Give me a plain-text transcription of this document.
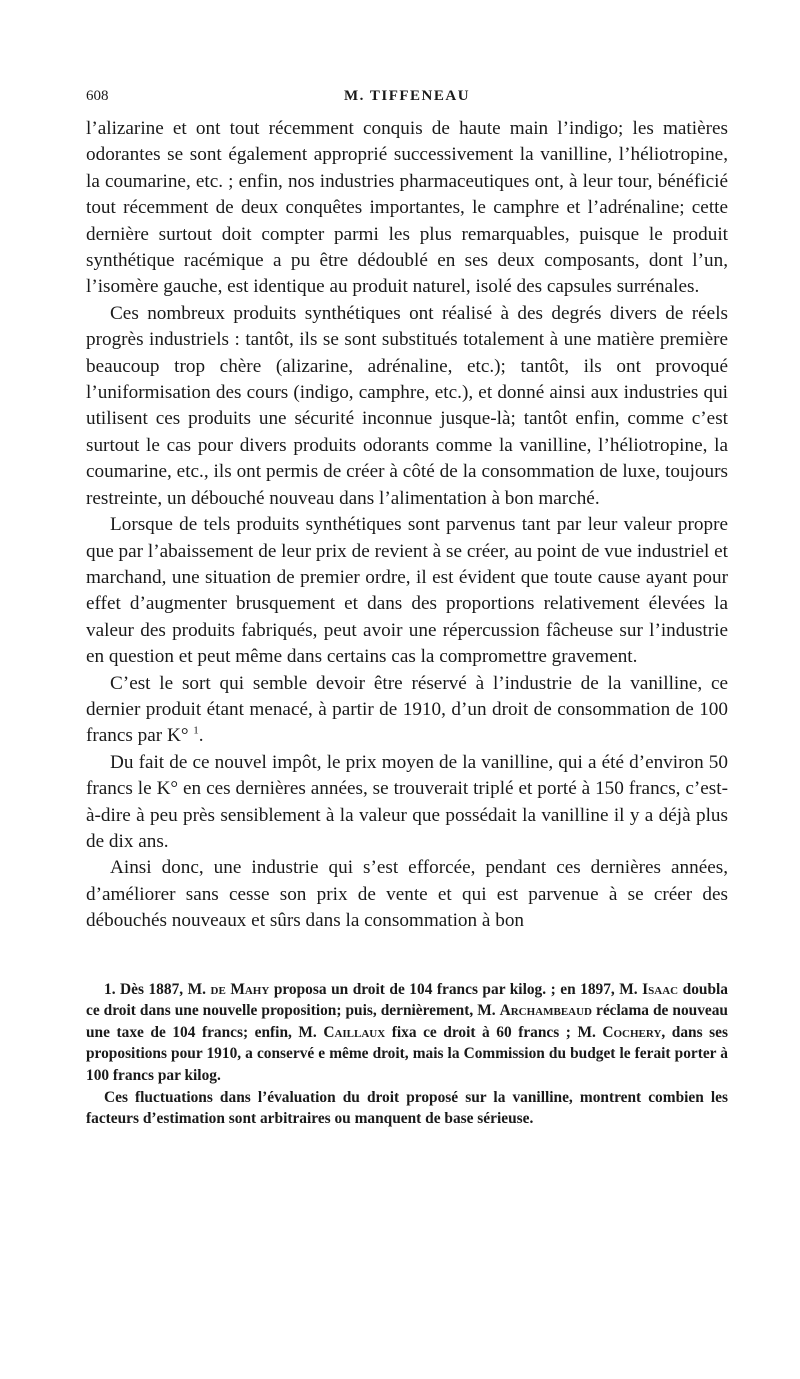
608	M. TIFFENEAU

l’alizarine et ont tout récemment conquis de haute main l’indigo; les matières odorantes se sont également approprié successivement la vanilline, l’héliotropine, la coumarine, etc. ; enfin, nos industries pharmaceutiques ont, à leur tour, bénéficié tout récemment de deux conquêtes importantes, le camphre et l’adrénaline; cette dernière surtout doit compter parmi les plus remarquables, puisque le produit synthétique racémique a pu être dédoublé en ses deux composants, dont l’un, l’isomère gauche, est identique au produit naturel, isolé des capsules surrénales.

Ces nombreux produits synthétiques ont réalisé à des degrés divers de réels progrès industriels : tantôt, ils se sont substitués totalement à une matière première beaucoup trop chère (alizarine, adrénaline, etc.); tantôt, ils ont provoqué l’uniformisation des cours (indigo, camphre, etc.), et donné ainsi aux industries qui utilisent ces produits une sécurité inconnue jusque-là; tantôt enfin, comme c’est surtout le cas pour divers produits odorants comme la vanilline, l’héliotropine, la coumarine, etc., ils ont permis de créer à côté de la consommation de luxe, toujours restreinte, un débouché nouveau dans l’alimentation à bon marché.

Lorsque de tels produits synthétiques sont parvenus tant par leur valeur propre que par l’abaissement de leur prix de revient à se créer, au point de vue industriel et marchand, une situation de premier ordre, il est évident que toute cause ayant pour effet d’augmenter brusquement et dans des proportions relativement élevées la valeur des produits fabriqués, peut avoir une répercussion fâcheuse sur l’industrie en question et peut même dans certains cas la compromettre gravement.

C’est le sort qui semble devoir être réservé à l’industrie de la vanilline, ce dernier produit étant menacé, à partir de 1910, d’un droit de consommation de 100 francs par K° $^1$.

Du fait de ce nouvel impôt, le prix moyen de la vanilline, qui a été d’environ 50 francs le K° en ces dernières années, se trouverait triplé et porté à 150 francs, c’est-à-dire à peu près sensiblement à la valeur que possédait la vanilline il y a déjà plus de dix ans.

Ainsi donc, une industrie qui s’est efforcée, pendant ces dernières années, d’améliorer sans cesse son prix de vente et qui est parvenue à se créer des débouchés nouveaux et sûrs dans la consommation à bon

1. Dès 1887, M. de Mahy proposa un droit de 104 francs par kilog. ; en 1897, M. Isaac doubla ce droit dans une nouvelle proposition; puis, dernièrement, M. Archambeaud réclama de nouveau une taxe de 104 francs; enfin, M. Caillaux fixa ce droit à 60 francs ; M. Cochery, dans ses propositions pour 1910, a conservé e même droit, mais la Commission du budget le ferait porter à 100 francs par kilog.

Ces fluctuations dans l’évaluation du droit proposé sur la vanilline, montrent combien les facteurs d’estimation sont arbitraires ou manquent de base sérieuse.
